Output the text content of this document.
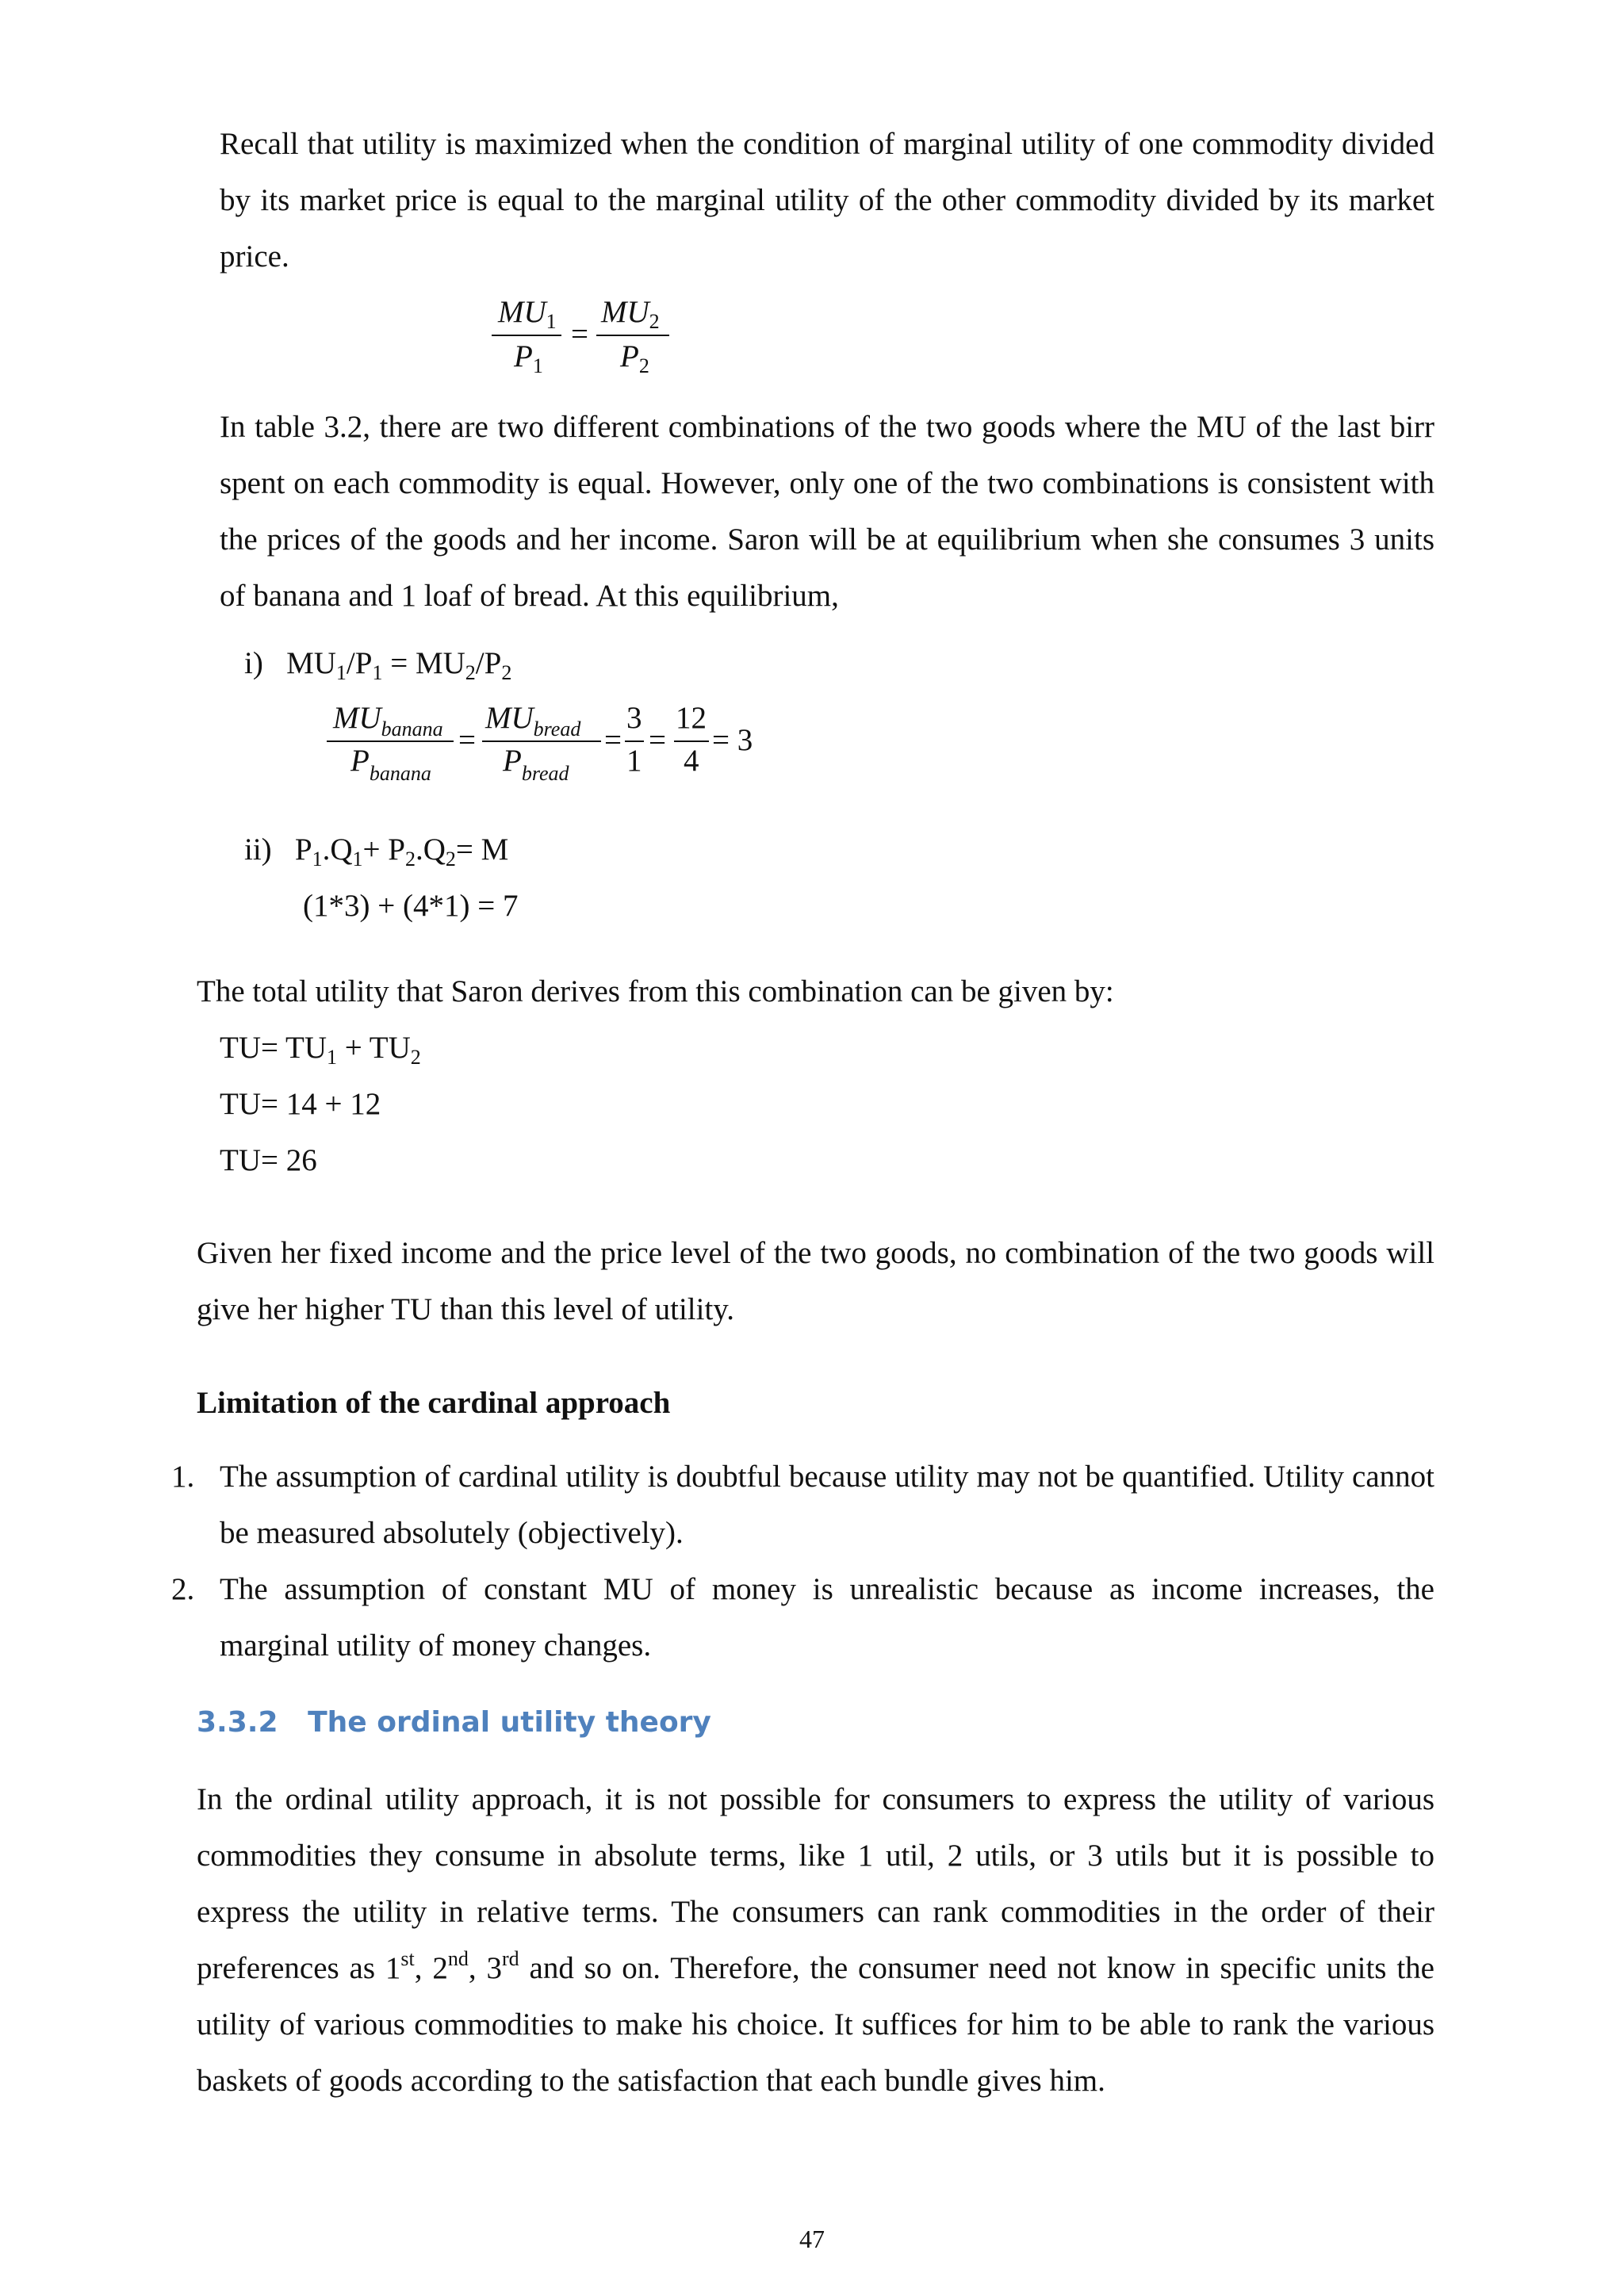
Recall that utility is maximized when the condition of marginal utility of one commodity divided by its market price is equal to the marginal utility of the other commodity divided by its market price.
$MU_1$
$P_1$
=
$MU_2$
$P_2$
In table 3.2, there are two different combinations of the two goods where the MU of the last birr spent on each commodity is equal. However, only one of the two combinations is consistent with the prices of the goods and her income. Saron will be at equilibrium when she consumes 3 units of banana and 1 loaf of bread. At this equilibrium,
i) $MU_1/P_1 = MU_2/P_2$
$MU_{banana}$
$P_{banana}$
=
$MU_{bread}$
$P_{bread}$
=
3
1
=
12
4
= 3
ii) $P_1.Q_1+ P_2.Q_2= M$
(1*3) + (4*1) = 7
The total utility that Saron derives from this combination can be given by:
$TU= TU_1 + TU_2$
TU= 14 + 12
TU= 26
Given her fixed income and the price level of the two goods, no combination of the two goods will give her higher TU than this level of utility.
Limitation of the cardinal approach
1. The assumption of cardinal utility is doubtful because utility may not be quantified. Utility cannot be measured absolutely (objectively).
2. The assumption of constant MU of money is unrealistic because as income increases, the marginal utility of money changes.
3.3.2   The ordinal utility theory
In the ordinal utility approach, it is not possible for consumers to express the utility of various commodities they consume in absolute terms, like 1 util, 2 utils, or 3 utils but it is possible to express the utility in relative terms. The consumers can rank commodities in the order of their preferences as 1st, 2nd, 3rd and so on. Therefore, the consumer need not know in specific units the utility of various commodities to make his choice. It suffices for him to be able to rank the various baskets of goods according to the satisfaction that each bundle gives him.
47
